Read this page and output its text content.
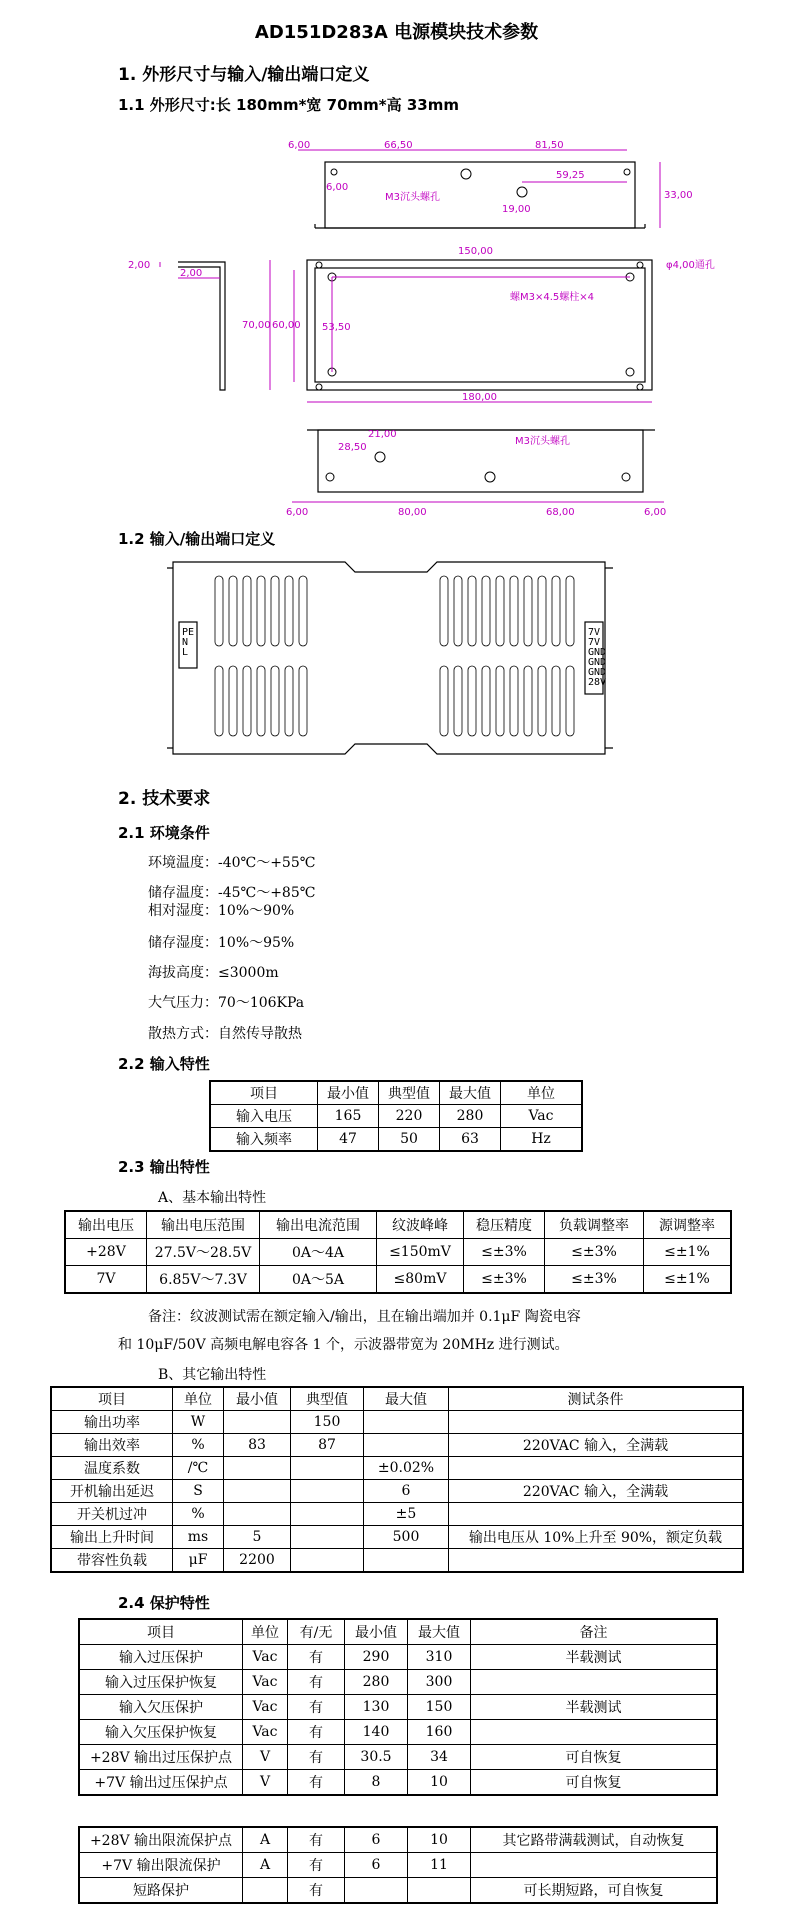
AD151D283A 电源模块技术参数
1. 外形尺寸与输入/输出端口定义
1.1 外形尺寸:长 180mm*宽 70mm*高 33mm
6,00	66,50	81,50
6,00
M3沉头螺孔
59,25
19,00
33,00
2,00
2,00
150,00
φ4,00通孔
螺M3×4.5螺柱×4
70,00 60,00 53,50
180,00
21,00
28,50
M3沉头螺孔
6,00	80,00	68,00	6,00
1.2 输入/输出端口定义
PE
N
L
7V
7V
GND
GND
GND
28V
2. 技术要求
2.1 环境条件
环境温度：-40℃～+55℃
储存温度：-45℃～+85℃
相对湿度：10%～90%
储存湿度：10%～95%
海拔高度：≤3000m
大气压力：70～106KPa
散热方式：自然传导散热
2.2 输入特性
项目	最小值	典型值	最大值	单位
输入电压	165	220	280	Vac
输入频率	47	50	63	Hz
2.3 输出特性
A、基本输出特性
输出电压	输出电压范围	输出电流范围	纹波峰峰	稳压精度	负载调整率	源调整率
+28V	27.5V～28.5V	0A～4A	≤150mV	≤±3%	≤±3%	≤±1%
7V	6.85V～7.3V	0A～5A	≤80mV	≤±3%	≤±3%	≤±1%
备注：纹波测试需在额定输入/输出，且在输出端加并 0.1μF 陶瓷电容
和 10μF/50V 高频电解电容各 1 个，示波器带宽为 20MHz 进行测试。
B、其它输出特性
项目	单位	最小值	典型值	最大值	测试条件
输出功率	W		150		
输出效率	%	83	87		220VAC 输入，全满载
温度系数	/℃			±0.02%	
开机输出延迟	S			6	220VAC 输入，全满载
开关机过冲	%			±5	
输出上升时间	ms	5		500	输出电压从 10%上升至 90%，额定负载
带容性负载	μF	2200			
2.4 保护特性
项目	单位	有/无	最小值	最大值	备注
输入过压保护	Vac	有	290	310	半载测试
输入过压保护恢复	Vac	有	280	300	
输入欠压保护	Vac	有	130	150	半载测试
输入欠压保护恢复	Vac	有	140	160	
+28V 输出过压保护点	V	有	30.5	34	可自恢复
+7V 输出过压保护点	V	有	8	10	可自恢复
+28V 输出限流保护点	A	有	6	10	其它路带满载测试，自动恢复
+7V 输出限流保护	A	有	6	11	
短路保护		有			可长期短路，可自恢复
